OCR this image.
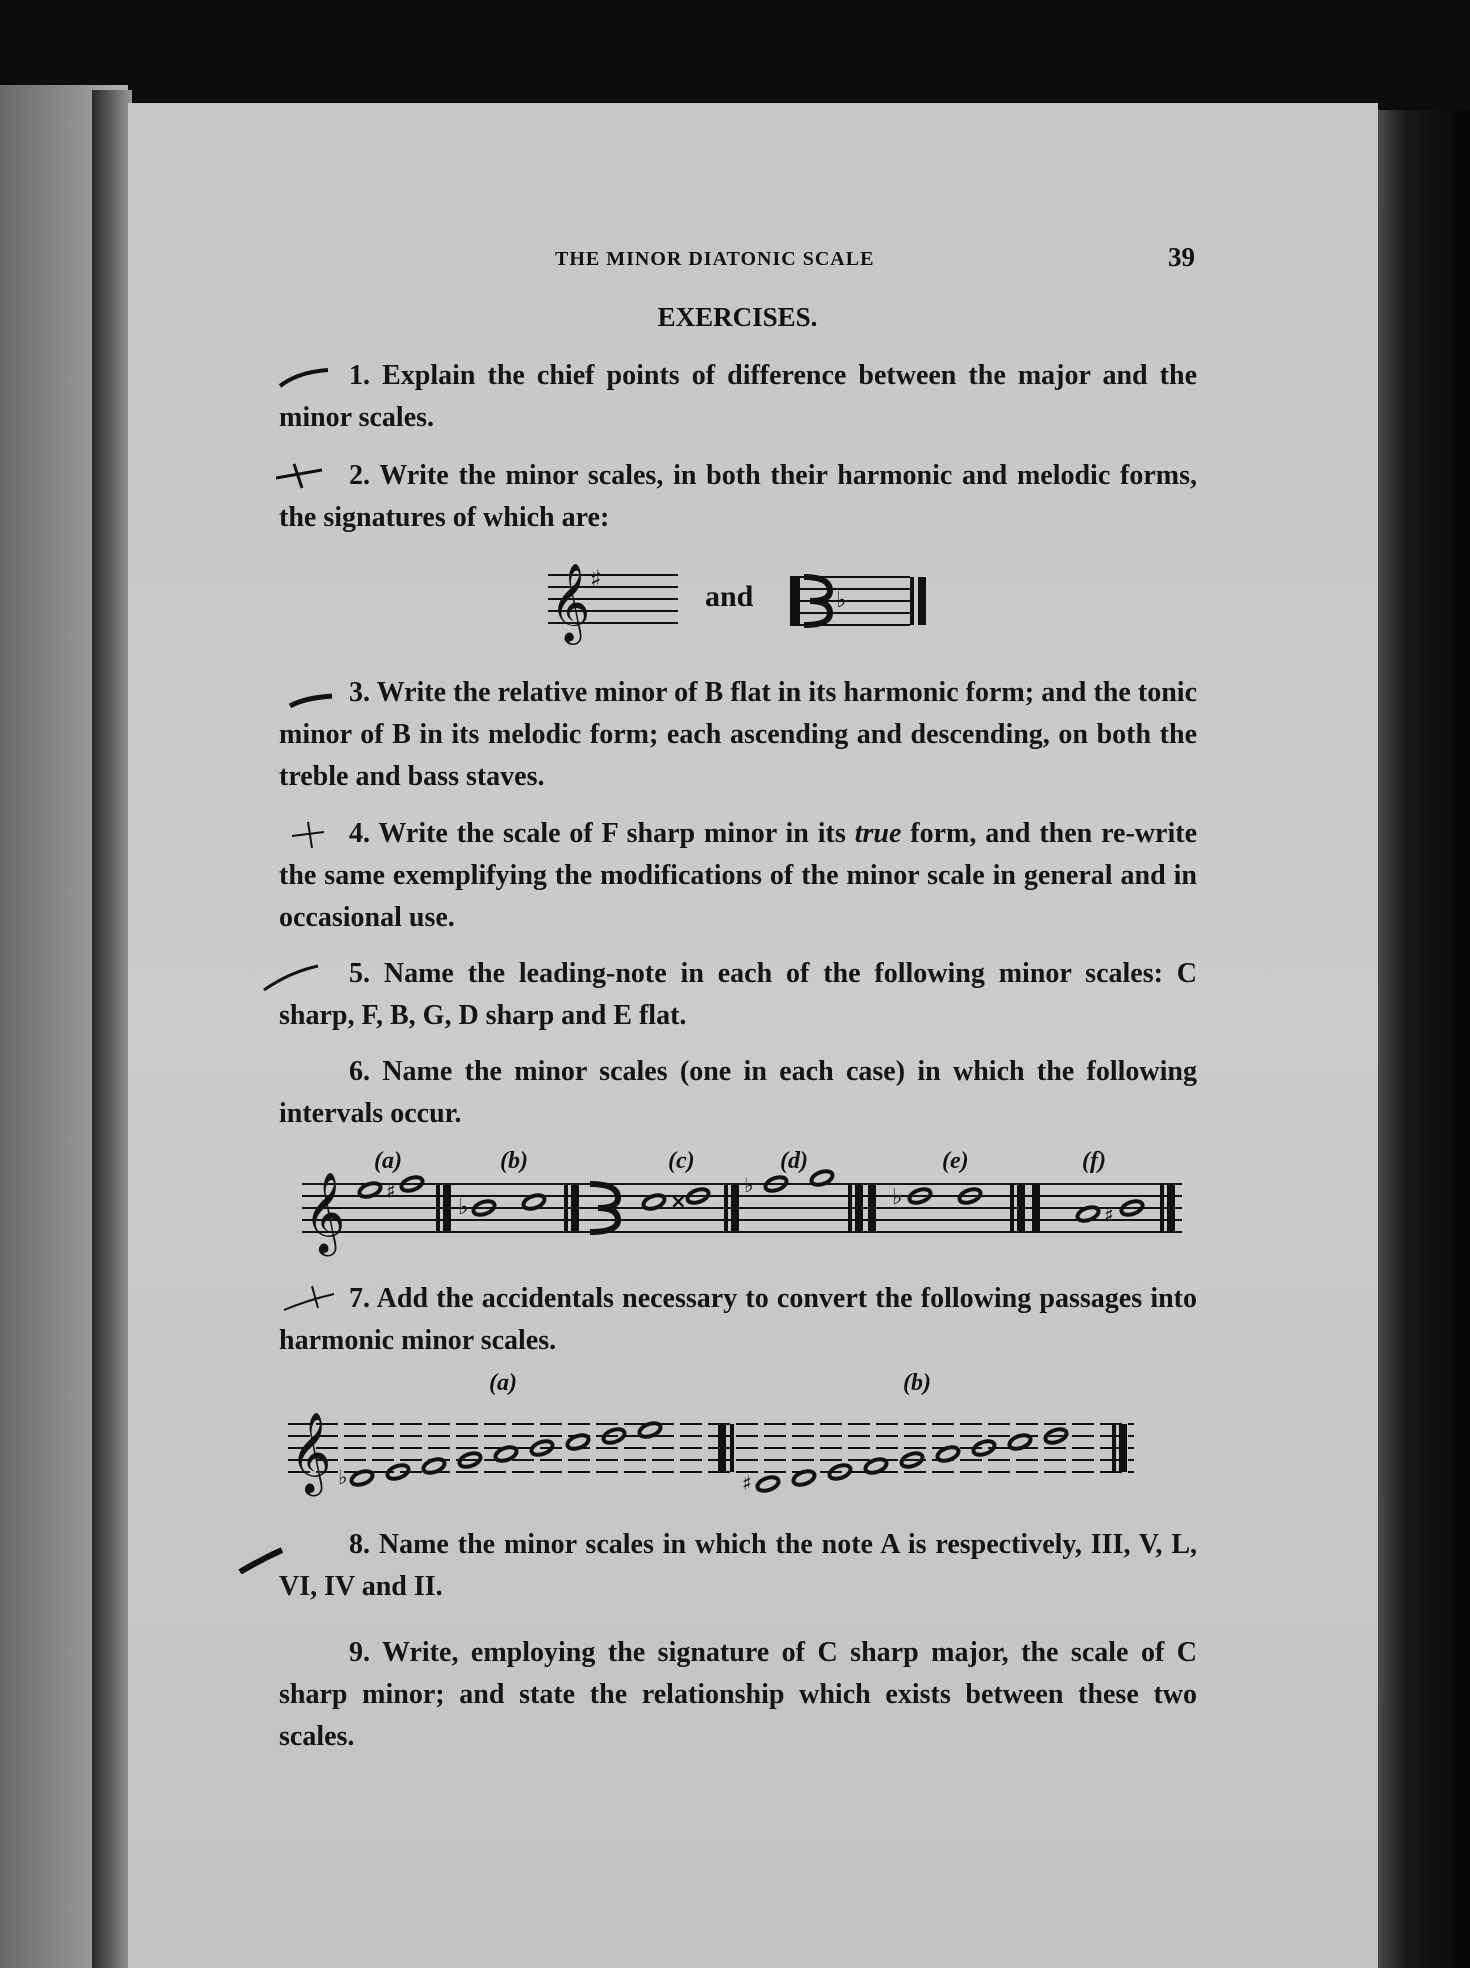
THE MINOR DIATONIC SCALE	39
EXERCISES.
1. Explain the chief points of difference between the major and the minor scales.
2. Write the minor scales, in both their harmonic and melodic forms, the signatures of which are:
𝄞 ♯
and	♭
3. Write the relative minor of B flat in its harmonic form; and the tonic minor of B in its melodic form; each ascending and descending, on both the treble and bass staves.
4. Write the scale of F sharp minor in its true form, and then re-write the same exemplifying the modifications of the minor scale in general and in occasional use.
5. Name the leading-note in each of the following minor scales: C sharp, F, B, G, D sharp and E flat.
6. Name the minor scales (one in each case) in which the following intervals occur.
(a)	(b)	(c)	(d)	(e)	(f)
𝄞 ♯
♭	×
♭	♭
♯
7. Add the accidentals necessary to convert the following passages into harmonic minor scales.
(a)	(b)
𝄞 ♭	♯
8. Name the minor scales in which the note A is respectively, III, V, L, VI, IV and II.
9. Write, employing the signature of C sharp major, the scale of C sharp minor; and state the relationship which exists between these two scales.
